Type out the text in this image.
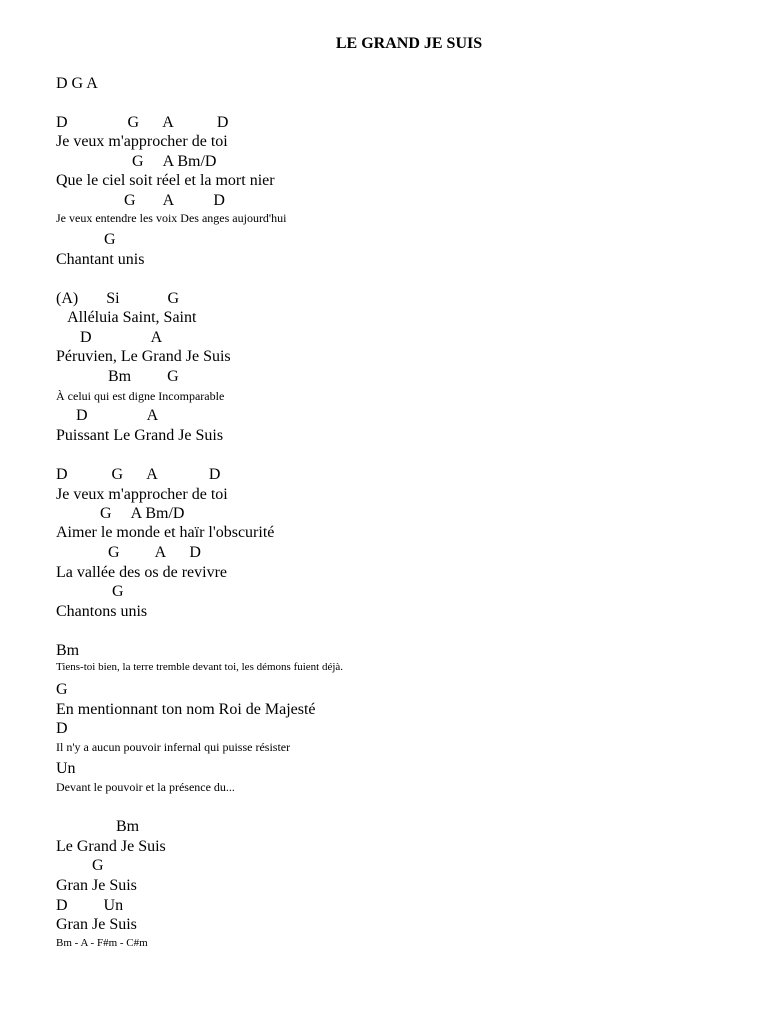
LE GRAND JE SUIS
D G A
D               G      A           D
Je veux m'approcher de toi
G     A Bm/D
Que le ciel soit réel et la mort nier
G       A          D
Je veux entendre les voix Des anges aujourd'hui
G
Chantant unis
(A)       Si            G
Alléluia Saint, Saint
D               A
Péruvien, Le Grand Je Suis
Bm         G
À celui qui est digne Incomparable
D               A
Puissant Le Grand Je Suis
D           G      A             D
Je veux m'approcher de toi
G     A Bm/D
Aimer le monde et haïr l'obscurité
G         A      D
La vallée des os de revivre
G
Chantons unis
Bm
Tiens-toi bien, la terre tremble devant toi, les démons fuient déjà.
G
En mentionnant ton nom Roi de Majesté
D
Il n'y a aucun pouvoir infernal qui puisse résister
Un
Devant le pouvoir et la présence du...
Bm
Le Grand Je Suis
G
Gran Je Suis
D         Un
Gran Je Suis
Bm - A - F#m - C#m
